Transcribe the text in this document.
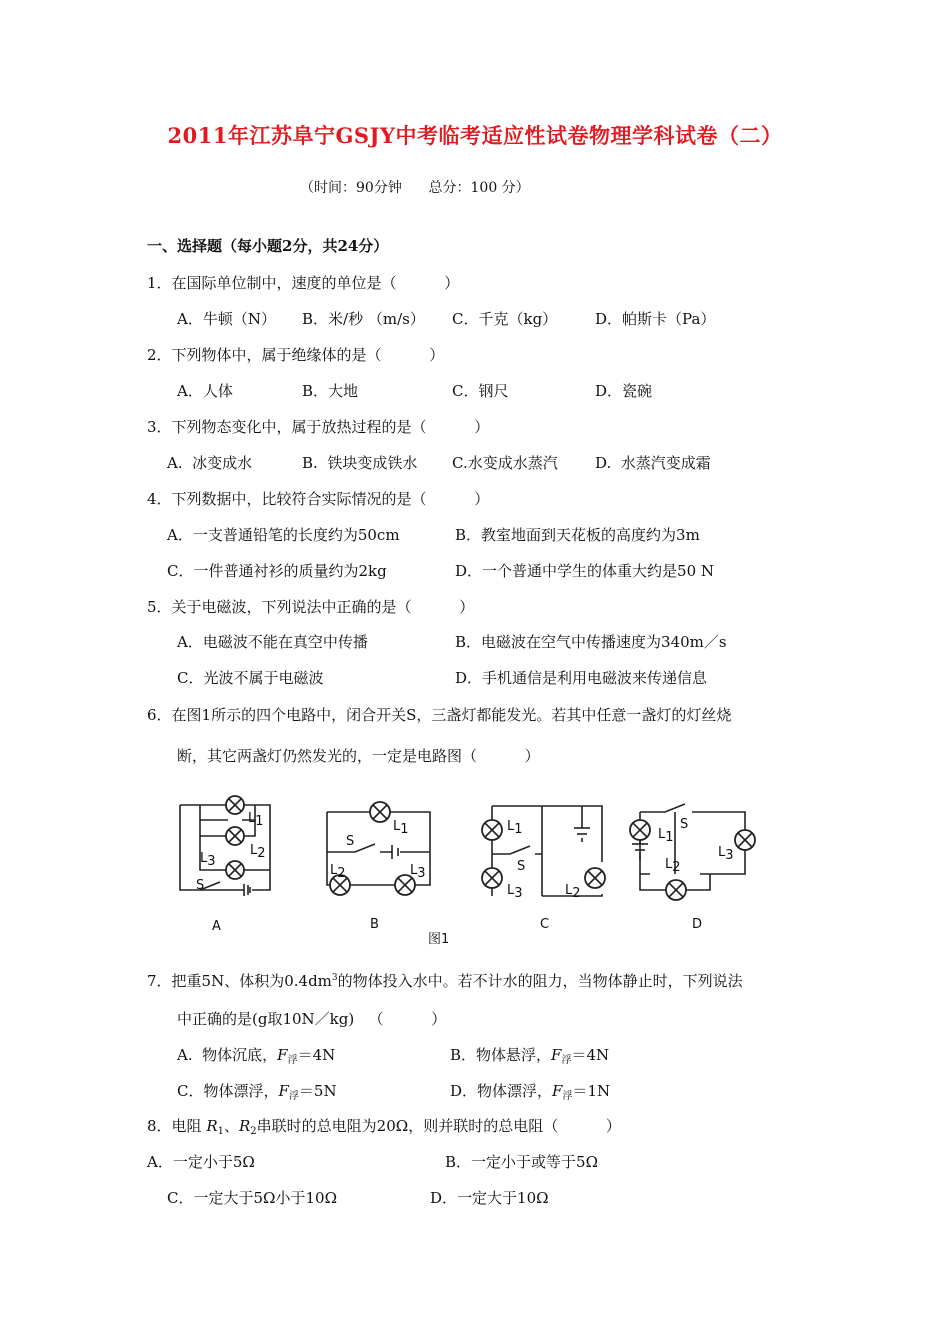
2011年江苏阜宁GSJY中考临考适应性试卷物理学科试卷（二）
（时间：90分钟      总分：100 分）
一、选择题（每小题2分，共24分）
1．在国际单位制中，速度的单位是（          ）
A．牛顿（N） B．米/秒 （m/s） C．千克（kg）	D．帕斯卡（Pa）
2．下列物体中，属于绝缘体的是（          ）
A．人体	B．大地	C．钢尺	D．瓷碗
3．下列物态变化中，属于放热过程的是（          ）
A.  冰变成水	B.  铁块变成铁水 C.水变成水蒸汽 D.  水蒸汽变成霜
4．下列数据中，比较符合实际情况的是（          ）
A．一支普通铅笔的长度约为50cm	B．教室地面到天花板的高度约为3m
C．一件普通衬衫的质量约为2kg	D．一个普通中学生的体重大约是50 N
5．关于电磁波，下列说法中正确的是（          ）
A．电磁波不能在真空中传播	B．电磁波在空气中传播速度为340m／s
C．光波不属于电磁波	D．手机通信是利用电磁波来传递信息
6．在图1所示的四个电路中，闭合开关S，三盏灯都能发光。若其中任意一盏灯的灯丝烧
断，其它两盏灯仍然发光的，一定是电路图（          ）
L1
L2
L3
S
A
L1
L2	L3
S
B
L1
L3	L2
S
C
L1
L2
L3
S
D
图1
7．把重5N、体积为$0.4dm^3$的物体投入水中。若不计水的阻力，当物体静止时，下列说法
中正确的是(g取10N／kg)   （          ）
A.  物体沉底，$F_浮=4N$	B．物体悬浮，$F_浮=4N$
C．物体漂浮，$F_浮=5N$	D．物体漂浮，$F_浮=1N$
8．电阻 $R_1$、$R_2$串联时的总电阻为20Ω，则并联时的总电阻（          ）
A．一定小于5Ω	B．一定小于或等于5Ω
C．一定大于5Ω小于10Ω	D．一定大于10Ω
